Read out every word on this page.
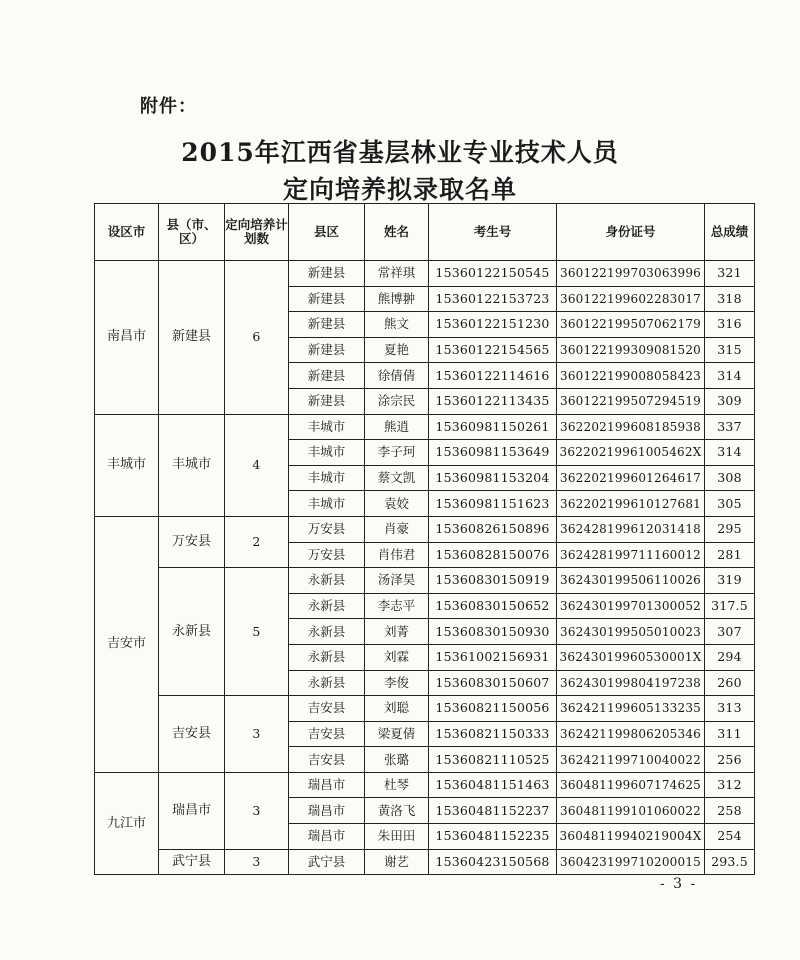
附件：
2015年江西省基层林业专业技术人员
定向培养拟录取名单
设区市	县（市、区）	定向培养计划数	县区	姓名	考生号	身份证号	总成绩
南昌市	新建县	6	新建县	常祥琪	15360122150545	360122199703063996	321
			新建县	熊博翀	15360122153723	360122199602283017	318
			新建县	熊文	15360122151230	360122199507062179	316
			新建县	夏艳	15360122154565	360122199309081520	315
			新建县	徐倩倩	15360122114616	360122199008058423	314
			新建县	涂宗民	15360122113435	360122199507294519	309
丰城市	丰城市	4	丰城市	熊逍	15360981150261	362202199608185938	337
			丰城市	李子珂	15360981153649	36220219961005462X	314
			丰城市	蔡文凯	15360981153204	362202199601264617	308
			丰城市	袁姣	15360981151623	362202199610127681	305
吉安市	万安县	2	万安县	肖豪	15360826150896	362428199612031418	295
			万安县	肖伟君	15360828150076	362428199711160012	281
	永新县	5	永新县	汤泽昊	15360830150919	362430199506110026	319
			永新县	李志平	15360830150652	362430199701300052	317.5
			永新县	刘菁	15360830150930	362430199505010023	307
			永新县	刘霖	15361002156931	36243019960530001X	294
			永新县	李俊	15360830150607	362430199804197238	260
	吉安县	3	吉安县	刘聪	15360821150056	362421199605133235	313
			吉安县	梁夏倩	15360821150333	362421199806205346	311
			吉安县	张璐	15360821110525	362421199710040022	256
九江市	瑞昌市	3	瑞昌市	杜琴	15360481151463	360481199607174625	312
			瑞昌市	黄洛飞	15360481152237	360481199101060022	258
			瑞昌市	朱田田	15360481152235	36048119940219004X	254
	武宁县	3	武宁县	谢艺	15360423150568	360423199710200015	293.5
- 3 -
